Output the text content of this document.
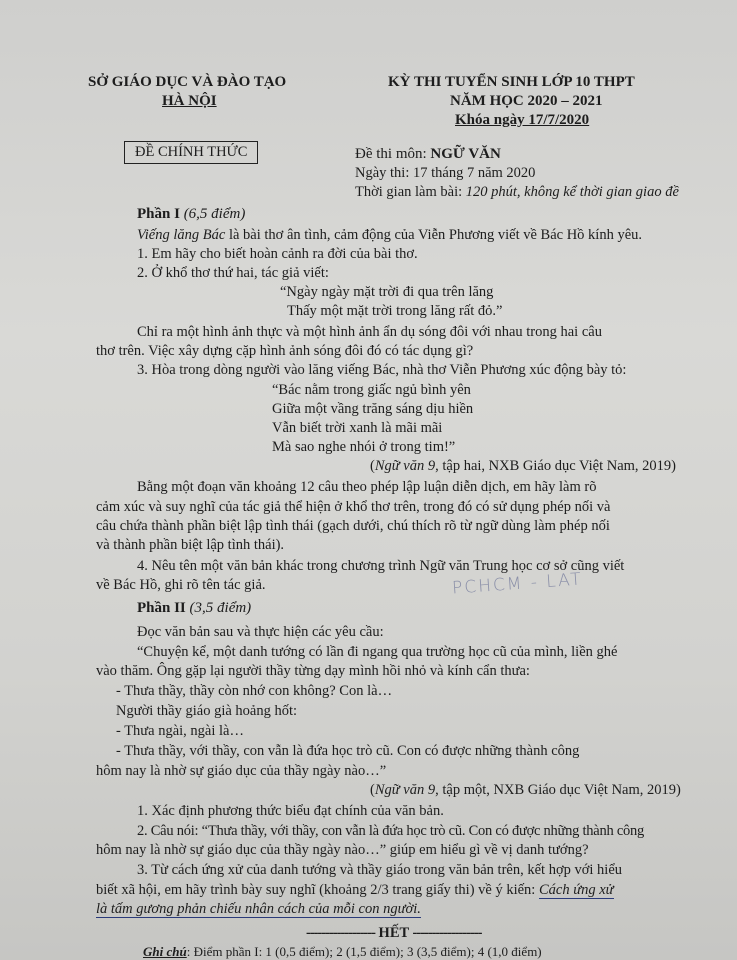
SỞ GIÁO DỤC VÀ ĐÀO TẠO
HÀ NỘI
KỲ THI TUYỂN SINH LỚP 10 THPT
NĂM HỌC 2020 – 2021
Khóa ngày 17/7/2020
ĐỀ CHÍNH THỨC	Đề thi môn: NGỮ VĂN
Ngày thi: 17 tháng 7 năm 2020
Thời gian làm bài: 120 phút, không kể thời gian giao đề
Phần I (6,5 điểm)
Viếng lăng Bác là bài thơ ân tình, cảm động của Viễn Phương viết về Bác Hồ kính yêu.
1. Em hãy cho biết hoàn cảnh ra đời của bài thơ.
2. Ở khổ thơ thứ hai, tác giả viết:
“Ngày ngày mặt trời đi qua trên lăng
Thấy một mặt trời trong lăng rất đỏ.”
Chỉ ra một hình ảnh thực và một hình ảnh ẩn dụ sóng đôi với nhau trong hai câu
thơ trên. Việc xây dựng cặp hình ảnh sóng đôi đó có tác dụng gì?
3. Hòa trong dòng người vào lăng viếng Bác, nhà thơ Viễn Phương xúc động bày tỏ:
“Bác nằm trong giấc ngủ bình yên
Giữa một vầng trăng sáng dịu hiền
Vẫn biết trời xanh là mãi mãi
Mà sao nghe nhói ở trong tim!”
(Ngữ văn 9, tập hai, NXB Giáo dục Việt Nam, 2019)
Bằng một đoạn văn khoảng 12 câu theo phép lập luận diễn dịch, em hãy làm rõ
cảm xúc và suy nghĩ của tác giả thể hiện ở khổ thơ trên, trong đó có sử dụng phép nối và
câu chứa thành phần biệt lập tình thái (gạch dưới, chú thích rõ từ ngữ dùng làm phép nối
và thành phần biệt lập tình thái).
4. Nêu tên một văn bản khác trong chương trình Ngữ văn Trung học cơ sở cũng viết
về Bác Hồ, ghi rõ tên tác giả.	PCHCM - LAT
Phần II (3,5 điểm)
Đọc văn bản sau và thực hiện các yêu cầu:
“Chuyện kể, một danh tướng có lần đi ngang qua trường học cũ của mình, liền ghé
vào thăm. Ông gặp lại người thầy từng dạy mình hồi nhỏ và kính cẩn thưa:
- Thưa thầy, thầy còn nhớ con không? Con là…
Người thầy giáo già hoảng hốt:
- Thưa ngài, ngài là…
- Thưa thầy, với thầy, con vẫn là đứa học trò cũ. Con có được những thành công
hôm nay là nhờ sự giáo dục của thầy ngày nào…”
(Ngữ văn 9, tập một, NXB Giáo dục Việt Nam, 2019)
1. Xác định phương thức biểu đạt chính của văn bản.
2. Câu nói: “Thưa thầy, với thầy, con vẫn là đứa học trò cũ. Con có được những thành công
hôm nay là nhờ sự giáo dục của thầy ngày nào…” giúp em hiểu gì về vị danh tướng?
3. Từ cách ứng xử của danh tướng và thầy giáo trong văn bản trên, kết hợp với hiểu
biết xã hội, em hãy trình bày suy nghĩ (khoảng 2/3 trang giấy thi) về ý kiến: Cách ứng xử
là tấm gương phản chiếu nhân cách của mỗi con người.
------------------ HẾT ------------------
Ghi chú: Điểm phần I: 1 (0,5 điểm); 2 (1,5 điểm); 3 (3,5 điểm); 4 (1,0 điểm)
